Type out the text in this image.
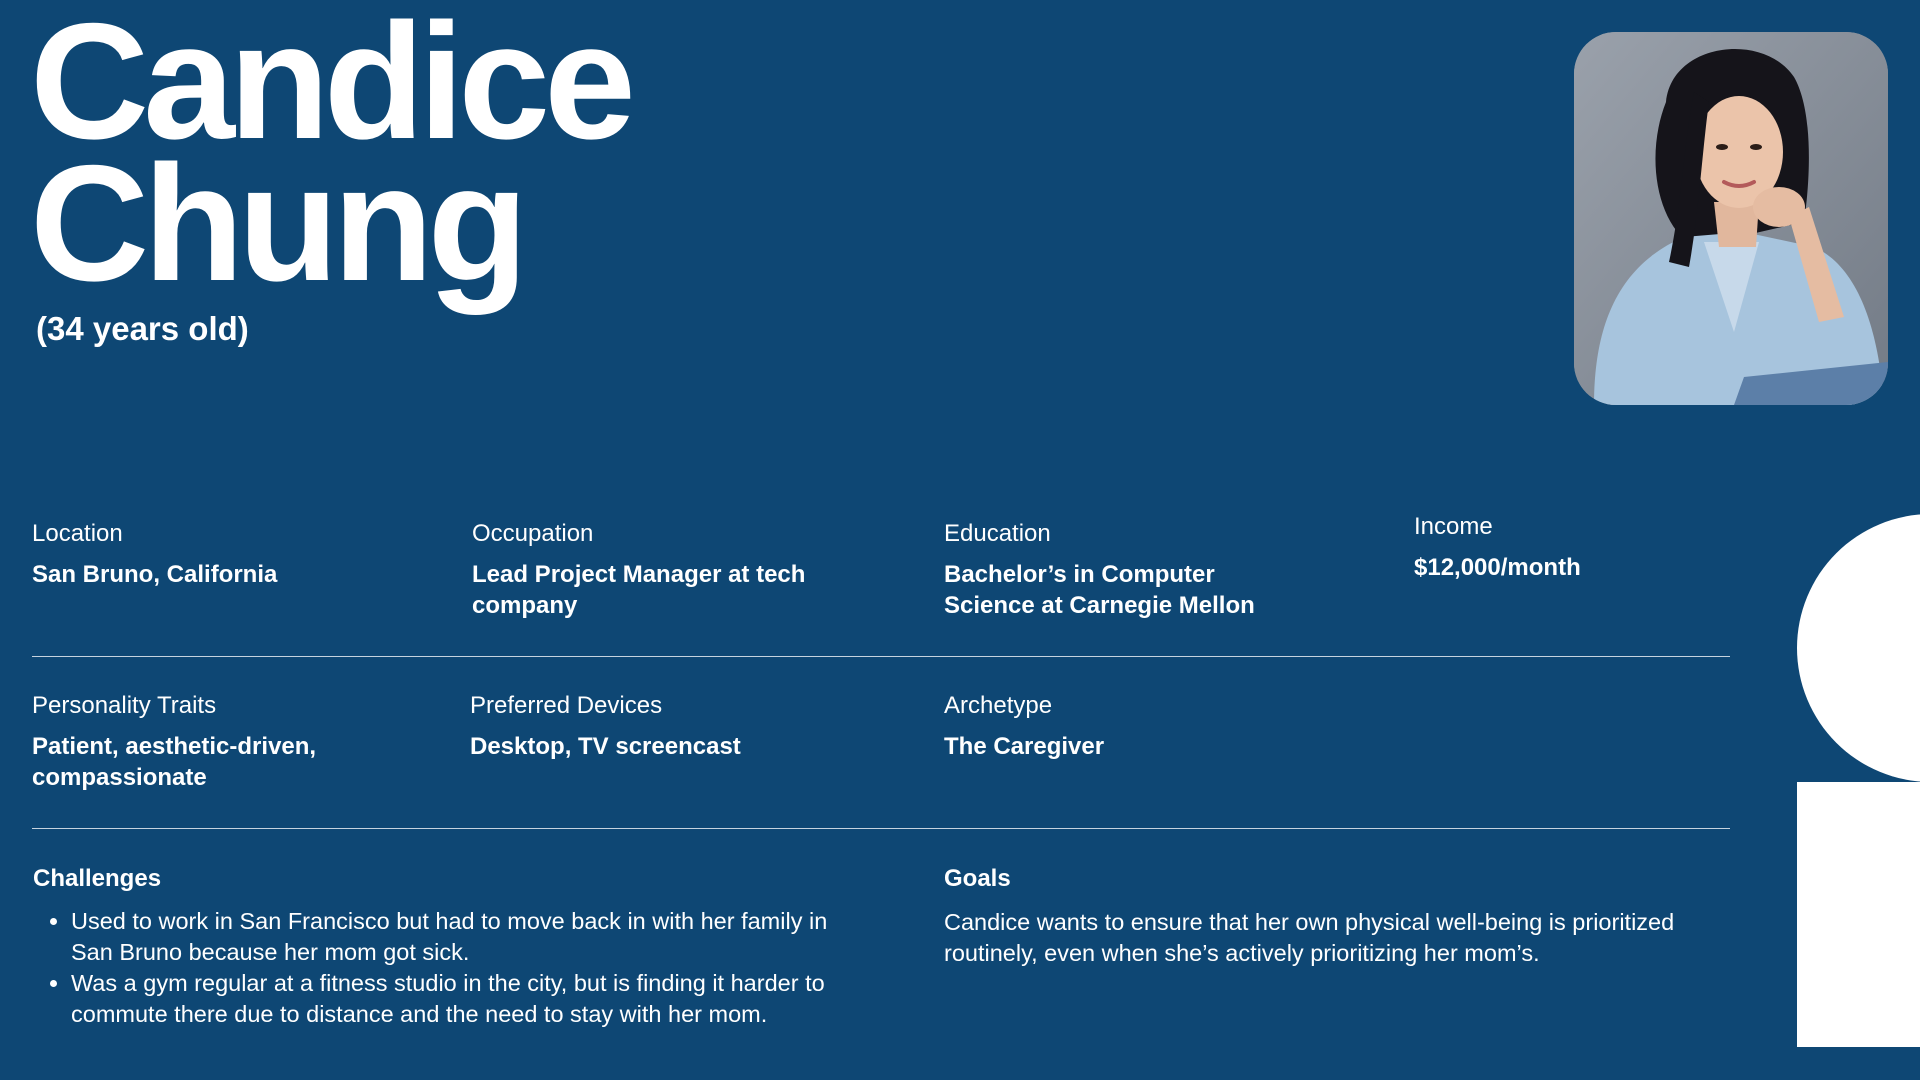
Candice
Chung
(34 years old)
Location
San Bruno, California
Occupation
Lead Project Manager at tech company
Education
Bachelor’s in Computer Science at Carnegie Mellon
Income
$12,000/month
Personality Traits
Patient, aesthetic-driven, compassionate
Preferred Devices
Desktop, TV screencast
Archetype
The Caregiver
Challenges
• Used to work in San Francisco but had to move back in with her family in San Bruno because her mom got sick.
• Was a gym regular at a fitness studio in the city, but is finding it harder to commute there due to distance and the need to stay with her mom.
Goals
Candice wants to ensure that her own physical well-being is prioritized routinely, even when she’s actively prioritizing her mom’s.
